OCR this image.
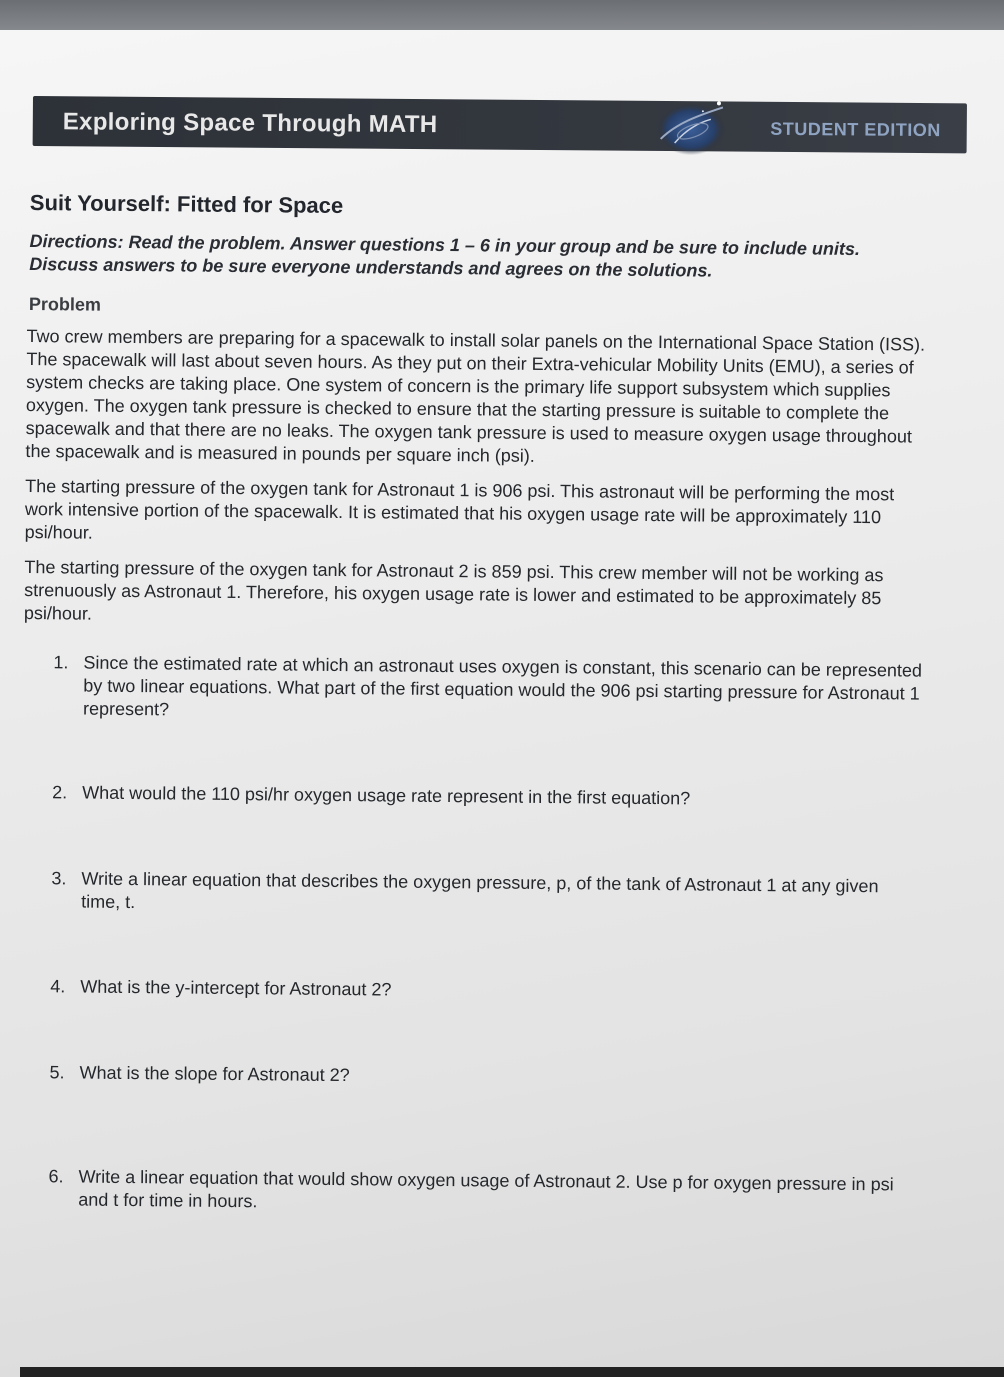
Exploring Space Through MATH	STUDENT EDITION
Suit Yourself: Fitted for Space
Directions: Read the problem. Answer questions 1 – 6 in your group and be sure to include units. Discuss answers to be sure everyone understands and agrees on the solutions.
Problem

Two crew members are preparing for a spacewalk to install solar panels on the International Space Station (ISS). The spacewalk will last about seven hours. As they put on their Extra-vehicular Mobility Units (EMU), a series of system checks are taking place. One system of concern is the primary life support subsystem which supplies oxygen. The oxygen tank pressure is checked to ensure that the starting pressure is suitable to complete the spacewalk and that there are no leaks. The oxygen tank pressure is used to measure oxygen usage throughout the spacewalk and is measured in pounds per square inch (psi).

The starting pressure of the oxygen tank for Astronaut 1 is 906 psi. This astronaut will be performing the most work intensive portion of the spacewalk. It is estimated that his oxygen usage rate will be approximately 110 psi/hour.

The starting pressure of the oxygen tank for Astronaut 2 is 859 psi. This crew member will not be working as strenuously as Astronaut 1. Therefore, his oxygen usage rate is lower and estimated to be approximately 85 psi/hour.

1. Since the estimated rate at which an astronaut uses oxygen is constant, this scenario can be represented by two linear equations. What part of the first equation would the 906 psi starting pressure for Astronaut 1 represent?
2. What would the 110 psi/hr oxygen usage rate represent in the first equation?
3. Write a linear equation that describes the oxygen pressure, p, of the tank of Astronaut 1 at any given time, t.
4. What is the y-intercept for Astronaut 2?
5. What is the slope for Astronaut 2?
6. Write a linear equation that would show oxygen usage of Astronaut 2. Use p for oxygen pressure in psi and t for time in hours.
